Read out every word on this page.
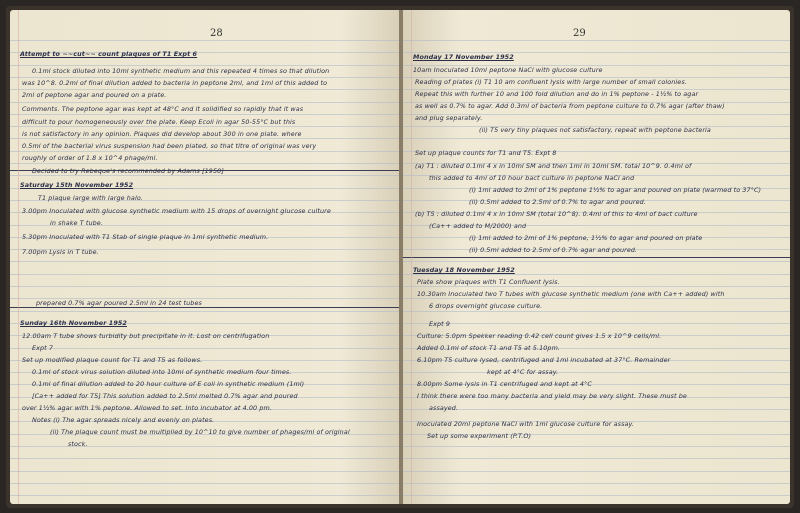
28
Attempt to ~~cut~~ count plaques of T1 Expt 6
0.1ml stock diluted into 10ml synthetic medium and this repeated 4 times so that dilution
was 10^8. 0.2ml of final dilution added to bacteria in peptone 2ml, and 1ml of this added to
2ml of peptone agar and poured on a plate.
Comments. The peptone agar was kept at 48°C and it solidified so rapidly that it was
difficult to pour homogeneously over the plate. Keep Ecoli in agar 50-55°C but this
is not satisfactory in any opinion. Plaques did develop about 300 in one plate. where
0.5ml of the bacterial virus suspension had been plated, so that titre of original was very
roughly of order of 1.8 x 10^4 phage/ml.
Decided to try Rebeque's recommended by Adams [1950]
Saturday 15th November 1952
T1 plaque large with large halo.
3.00pm Inoculated with glucose synthetic medium with 15 drops of overnight glucose culture
in shake T tube.
5.30pm Inoculated with T1 Stab of single plaque in 1ml synthetic medium.
7.00pm Lysis in T tube.
prepared 0.7% agar poured 2.5ml in 24 test tubes
Sunday 16th November 1952
12.00am T tube shows turbidity but precipitate in it. Lost on centrifugation
Expt 7
Set up modified plaque count for T1 and T5 as follows.
0.1ml of stock virus solution diluted into 10ml of synthetic medium four times.
0.1ml of final dilution added to 20 hour culture of E coli in synthetic medium (1ml)
[Ca++ added for T5] This solution added to 2.5ml melted 0.7% agar and poured
over 1½% agar with 1% peptone. Allowed to set. Into incubator at 4.00 pm.
Notes (i) The agar spreads nicely and evenly on plates.
(ii) The plaque count must be multiplied by 10^10 to give number of phages/ml of original
stock.
29
Monday 17 November 1952
10am Inoculated 10ml peptone NaCl with glucose culture
Reading of plates (i) T1 10 am confluent lysis with large number of small colonies.
Repeat this with further 10 and 100 fold dilution and do in 1% peptone - 1½% to agar
as well as 0.7% to agar. Add 0.3ml of bacteria from peptone culture to 0.7% agar (after thaw)
and plug separately.
(ii) T5 very tiny plaques not satisfactory, repeat with peptone bacteria
Set up plaque counts for T1 and T5. Expt 8
(a) T1 : diluted 0.1ml 4 x in 10ml SM and then 1ml in 10ml SM. total 10^9. 0.4ml of
this added to 4ml of 10 hour bact culture in peptone NaCl and
(i) 1ml added to 2ml of 1% peptone 1½% to agar and poured on plate (warmed to 37°C)
(ii) 0.5ml added to 2.5ml of 0.7% to agar and poured.
(b) T5 : diluted 0.1ml 4 x in 10ml SM (total 10^8). 0.4ml of this to 4ml of bact culture
(Ca++ added to M/2000) and
(i) 1ml added to 2ml of 1% peptone, 1½% to agar and poured on plate
(ii) 0.5ml added to 2.5ml of 0.7% agar and poured.
Tuesday 18 November 1952
Plate show plaques with T1 Confluent lysis.
10.30am Inoculated two T tubes with glucose synthetic medium (one with Ca++ added) with
6 drops overnight glucose culture.
Expt 9
Culture: 5.0pm Spekker reading 0.42 cell count gives 1.5 x 10^9 cells/ml.
Added 0.1ml of stock T1 and T5 at 5.10pm.
6.10pm T5 culture lysed, centrifuged and 1ml incubated at 37°C. Remainder
kept at 4°C for assay.
8.00pm Some lysis in T1 centrifuged and kept at 4°C
I think there were too many bacteria and yield may be very slight. These must be
assayed.
Inoculated 20ml peptone NaCl with 1ml glucose culture for assay.
Set up some experiment (P.T.O)
